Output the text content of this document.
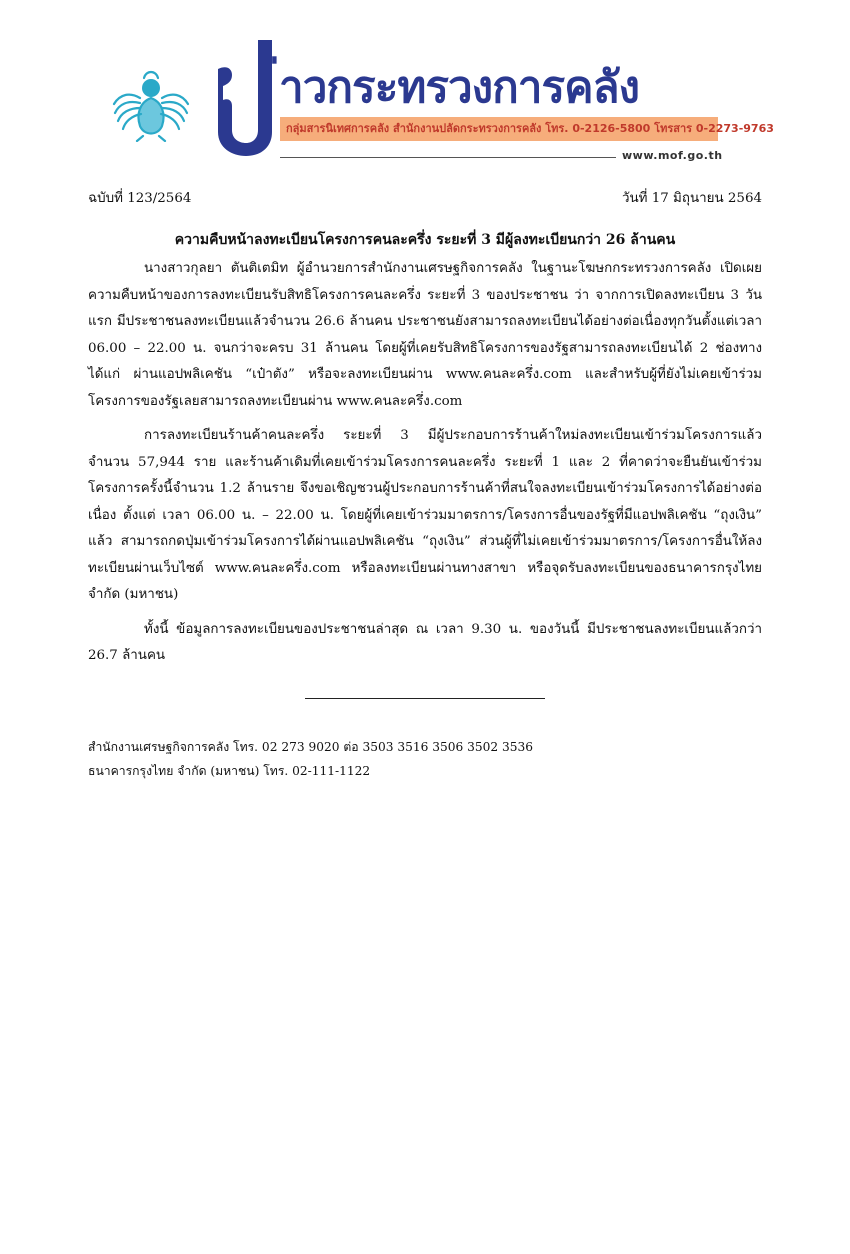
่าวกระทรวงการคลัง
กลุ่มสารนิเทศการคลัง สำนักงานปลัดกระทรวงการคลัง โทร. 0-2126-5800 โทรสาร 0-2273-9763
www.mof.go.th
ฉบับที่ 123/2564	วันที่ 17 มิถุนายน 2564
ความคืบหน้าลงทะเบียนโครงการคนละครึ่ง ระยะที่ 3 มีผู้ลงทะเบียนกว่า 26 ล้านคน

นางสาวกุลยา ตันติเตมิท ผู้อำนวยการสำนักงานเศรษฐกิจการคลัง ในฐานะโฆษกกระทรวงการคลัง เปิดเผยความคืบหน้าของการลงทะเบียนรับสิทธิโครงการคนละครึ่ง ระยะที่ 3 ของประชาชน ว่า จากการเปิดลงทะเบียน 3 วันแรก มีประชาชนลงทะเบียนแล้วจำนวน 26.6 ล้านคน ประชาชนยังสามารถลงทะเบียนได้อย่างต่อเนื่องทุกวันตั้งแต่เวลา 06.00 – 22.00 น. จนกว่าจะครบ 31 ล้านคน โดยผู้ที่เคยรับสิทธิโครงการของรัฐสามารถลงทะเบียนได้ 2 ช่องทาง ได้แก่ ผ่านแอปพลิเคชัน “เป๋าตัง” หรือจะลงทะเบียนผ่าน www.คนละครึ่ง.com และสำหรับผู้ที่ยังไม่เคยเข้าร่วมโครงการของรัฐเลยสามารถลงทะเบียนผ่าน www.คนละครึ่ง.com

การลงทะเบียนร้านค้าคนละครึ่ง ระยะที่ 3 มีผู้ประกอบการร้านค้าใหม่ลงทะเบียนเข้าร่วมโครงการแล้ว จำนวน 57,944 ราย และร้านค้าเดิมที่เคยเข้าร่วมโครงการคนละครึ่ง ระยะที่ 1 และ 2 ที่คาดว่าจะยืนยันเข้าร่วมโครงการครั้งนี้จำนวน 1.2 ล้านราย จึงขอเชิญชวนผู้ประกอบการร้านค้าที่สนใจลงทะเบียนเข้าร่วมโครงการได้อย่างต่อเนื่อง ตั้งแต่ เวลา 06.00 น. – 22.00 น. โดยผู้ที่เคยเข้าร่วมมาตรการ/โครงการอื่นของรัฐที่มีแอปพลิเคชัน “ถุงเงิน” แล้ว สามารถกดปุ่มเข้าร่วมโครงการได้ผ่านแอปพลิเคชัน “ถุงเงิน” ส่วนผู้ที่ไม่เคยเข้าร่วมมาตรการ/โครงการอื่นให้ลงทะเบียนผ่านเว็บไซต์ www.คนละครึ่ง.com หรือลงทะเบียนผ่านทางสาขา หรือจุดรับลงทะเบียนของธนาคารกรุงไทย จำกัด (มหาชน)

ทั้งนี้ ข้อมูลการลงทะเบียนของประชาชนล่าสุด ณ เวลา 9.30 น. ของวันนี้ มีประชาชนลงทะเบียนแล้วกว่า 26.7 ล้านคน

สำนักงานเศรษฐกิจการคลัง โทร. 02 273 9020 ต่อ 3503 3516 3506 3502 3536
ธนาคารกรุงไทย จำกัด (มหาชน) โทร. 02-111-1122
